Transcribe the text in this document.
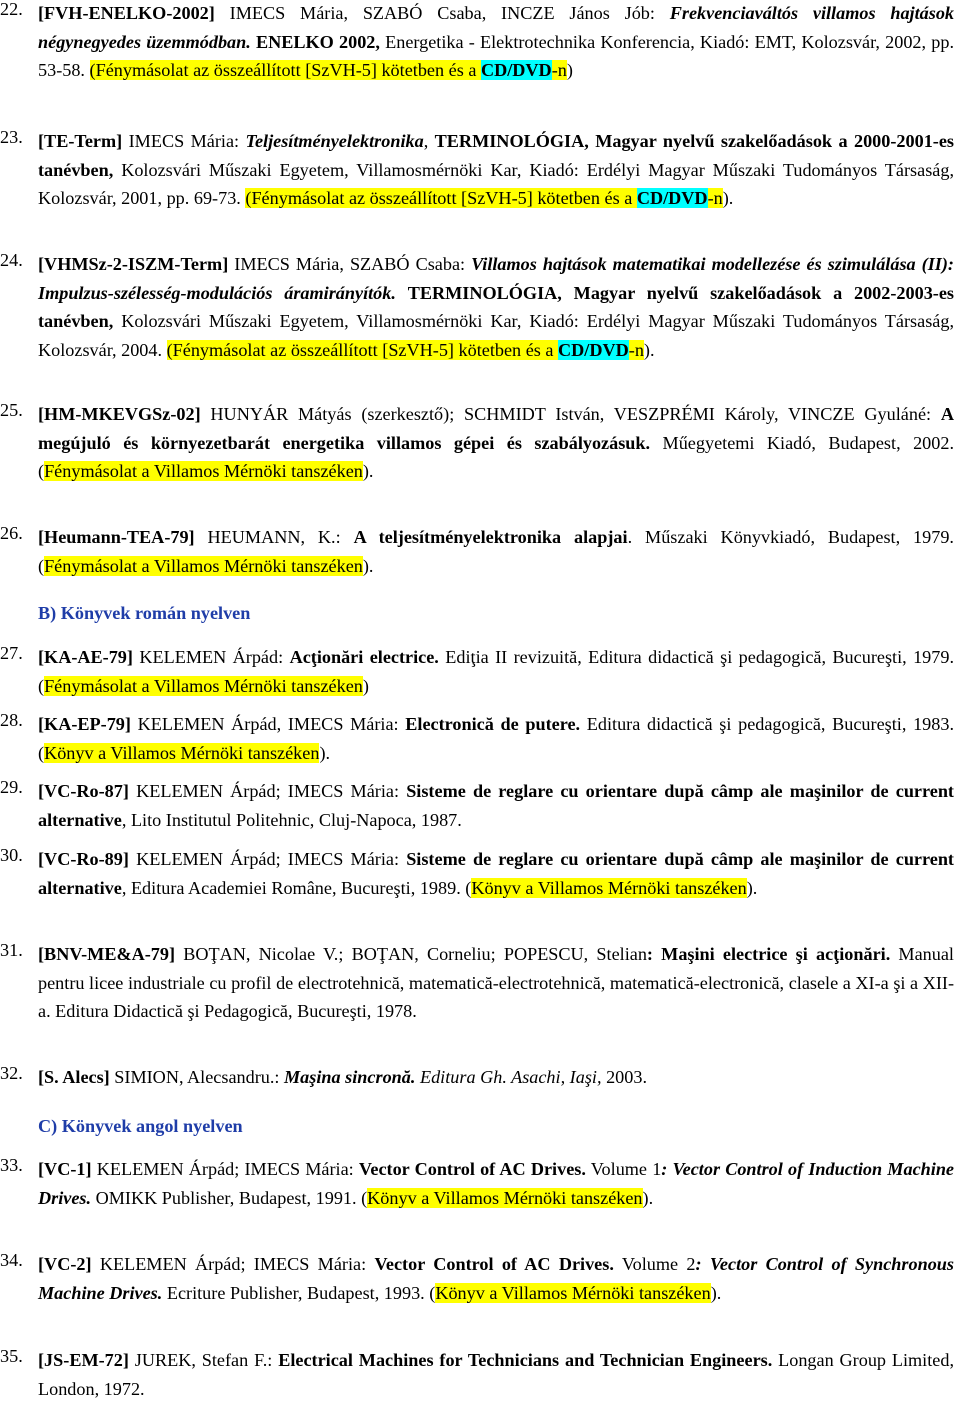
22. [FVH-ENELKO-2002] IMECS Mária, SZABÓ Csaba, INCZE János Jób: Frekvenciaváltós villamos hajtások négynegyedes üzemmódban. ENELKO 2002, Energetika - Elektrotechnika Konferencia, Kiadó: EMT, Kolozsvár, 2002, pp. 53-58. (Fénymásolat az összeállított [SzVH-5] kötetben és a CD/DVD-n)
23. [TE-Term] IMECS Mária: Teljesítményelektronika, TERMINOLÓGIA, Magyar nyelvű szakelőadások a 2000-2001-es tanévben, Kolozsvári Műszaki Egyetem, Villamosmérnöki Kar, Kiadó: Erdélyi Magyar Műszaki Tudományos Társaság, Kolozsvár, 2001, pp. 69-73. (Fénymásolat az összeállított [SzVH-5] kötetben és a CD/DVD-n).
24. [VHMSz-2-ISZM-Term] IMECS Mária, SZABÓ Csaba: Villamos hajtások matematikai modellezése és szimulálása (II): Impulzus-szélesség-modulációs áramirányítók. TERMINOLÓGIA, Magyar nyelvű szakelőadások a 2002-2003-es tanévben, Kolozsvári Műszaki Egyetem, Villamosmérnöki Kar, Kiadó: Erdélyi Magyar Műszaki Tudományos Társaság, Kolozsvár, 2004. (Fénymásolat az összeállított [SzVH-5] kötetben és a CD/DVD-n).
25. [HM-MKEVGSz-02] HUNYÁR Mátyás (szerkesztő); SCHMIDT István, VESZPRÉMI Károly, VINCZE Gyuláné: A megújuló és környezetbarát energetika villamos gépei és szabályozásuk. Műegyetemi Kiadó, Budapest, 2002. (Fénymásolat a Villamos Mérnöki tanszéken).
26. [Heumann-TEA-79] HEUMANN, K.: A teljesítményelektronika alapjai. Műszaki Könyvkiadó, Budapest, 1979. (Fénymásolat a Villamos Mérnöki tanszéken).
B) Könyvek román nyelven
27. [KA-AE-79] KELEMEN Árpád: Acţionări electrice. Ediţia II revizuită, Editura didactică şi pedagogică, Bucureşti, 1979. (Fénymásolat a Villamos Mérnöki tanszéken)
28. [KA-EP-79] KELEMEN Árpád, IMECS Mária: Electronică de putere. Editura didactică şi pedagogică, Bucureşti, 1983. (Könyv a Villamos Mérnöki tanszéken).
29. [VC-Ro-87] KELEMEN Árpád; IMECS Mária: Sisteme de reglare cu orientare după câmp ale maşinilor de current alternative, Lito Institutul Politehnic, Cluj-Napoca, 1987.
30. [VC-Ro-89] KELEMEN Árpád; IMECS Mária: Sisteme de reglare cu orientare după câmp ale maşinilor de current alternative, Editura Academiei Române, Bucureşti, 1989. (Könyv a Villamos Mérnöki tanszéken).
31. [BNV-ME&A-79] BOŢAN, Nicolae V.; BOŢAN, Corneliu; POPESCU, Stelian: Maşini electrice şi acţionări. Manual pentru licee industriale cu profil de electrotehnică, matematică-electrotehnică, matematică-electronică, clasele a XI-a şi a XII-a. Editura Didactică şi Pedagogică, Bucureşti, 1978.
32. [S. Alecs] SIMION, Alecsandru.: Maşina sincronă. Editura Gh. Asachi, Iaşi, 2003.
C) Könyvek angol nyelven
33. [VC-1] KELEMEN Árpád; IMECS Mária: Vector Control of AC Drives. Volume 1: Vector Control of Induction Machine Drives. OMIKK Publisher, Budapest, 1991. (Könyv a Villamos Mérnöki tanszéken).
34. [VC-2] KELEMEN Árpád; IMECS Mária: Vector Control of AC Drives. Volume 2: Vector Control of Synchronous Machine Drives. Ecriture Publisher, Budapest, 1993. (Könyv a Villamos Mérnöki tanszéken).
35. [JS-EM-72] JUREK, Stefan F.: Electrical Machines for Technicians and Technician Engineers. Longan Group Limited, London, 1972.
